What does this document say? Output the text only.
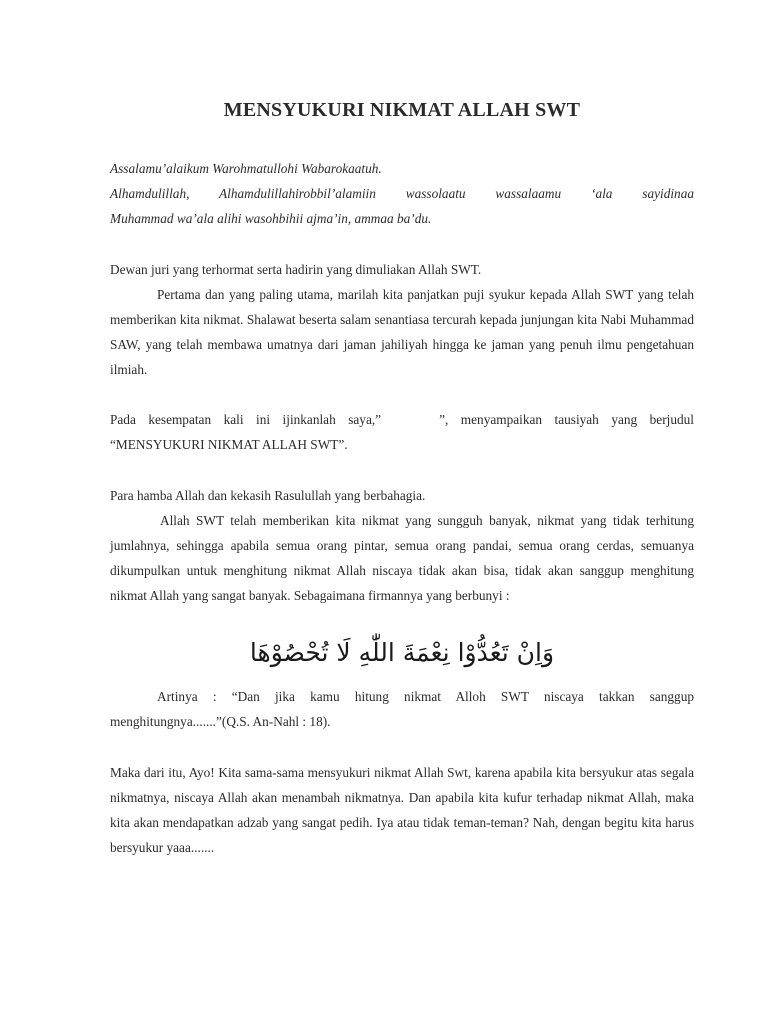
MENSYUKURI NIKMAT ALLAH SWT

Assalamu’alaikum Warohmatullohi Wabarokaatuh.

Alhamdulillah, Alhamdulillahirobbil’alamiin wassolaatu wassalaamu ‘ala sayidinaa

Muhammad wa’ala alihi wasohbihii ajma’in, ammaa ba’du.

Dewan juri yang terhormat serta hadirin yang dimuliakan Allah SWT.

Pertama dan yang paling utama, marilah kita panjatkan puji syukur kepada Allah SWT yang telah memberikan kita nikmat. Shalawat beserta salam senantiasa tercurah kepada junjungan kita Nabi Muhammad SAW, yang telah membawa umatnya dari jaman jahiliyah hingga ke jaman yang penuh ilmu pengetahuan ilmiah.

Pada kesempatan kali ini ijinkanlah saya,”	”, menyampaikan tausiyah yang berjudul

“MENSYUKURI NIKMAT ALLAH SWT”.

Para hamba Allah dan kekasih Rasulullah yang berbahagia.

Allah SWT telah memberikan kita nikmat yang sungguh banyak, nikmat yang tidak terhitung jumlahnya, sehingga apabila semua orang pintar, semua orang pandai, semua orang cerdas, semuanya dikumpulkan untuk menghitung nikmat Allah niscaya tidak akan bisa, tidak akan sanggup menghitung nikmat Allah yang sangat banyak. Sebagaimana firmannya yang berbunyi :

وَاِنْ تَعُدُّوْا نِعْمَةَ اللّٰهِ لَا تُحْصُوْهَا

Artinya : “Dan jika kamu hitung nikmat Alloh SWT niscaya takkan sanggup menghitungnya.......”(Q.S. An-Nahl : 18).

Maka dari itu, Ayo! Kita sama-sama mensyukuri nikmat Allah Swt, karena apabila kita bersyukur atas segala nikmatnya, niscaya Allah akan menambah nikmatnya. Dan apabila kita kufur terhadap nikmat Allah, maka kita akan mendapatkan adzab yang sangat pedih. Iya atau tidak teman-teman? Nah, dengan begitu kita harus bersyukur yaaa.......
